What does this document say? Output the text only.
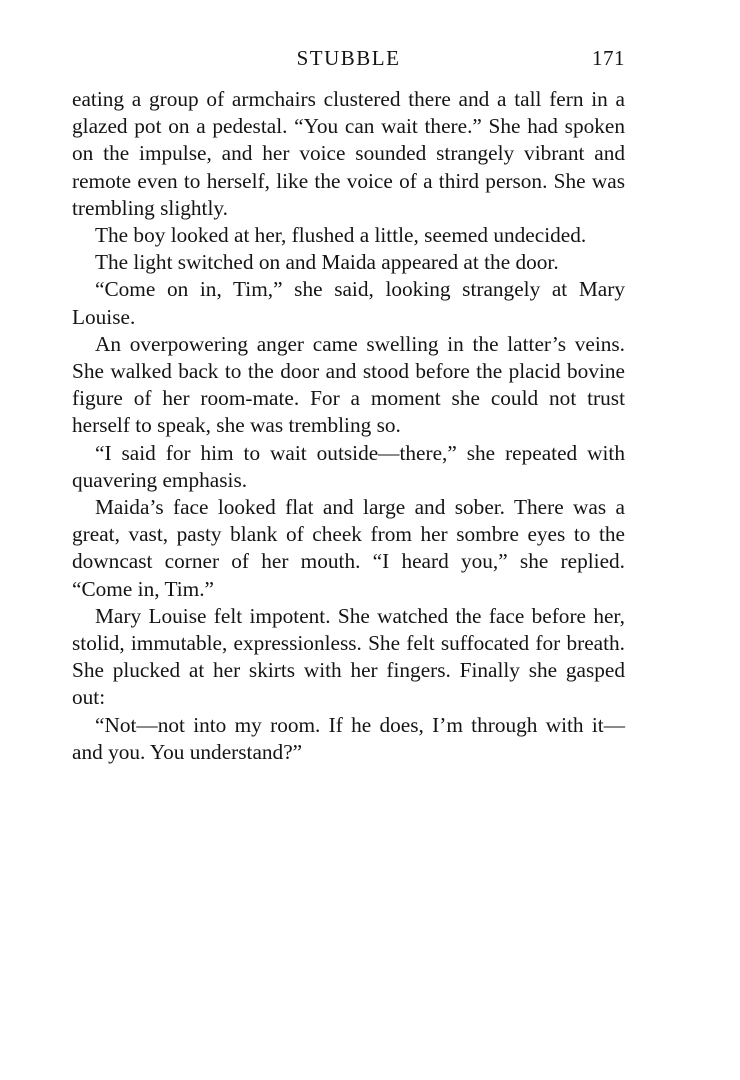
STUBBLE	171

eating a group of armchairs clustered there and a tall fern in a glazed pot on a pedestal. “You can wait there.” She had spoken on the impulse, and her voice sounded strangely vibrant and remote even to herself, like the voice of a third person. She was trembling slightly.

The boy looked at her, flushed a little, seemed undecided.

The light switched on and Maida appeared at the door.

“Come on in, Tim,” she said, looking strangely at Mary Louise.

An overpowering anger came swelling in the latter’s veins. She walked back to the door and stood before the placid bovine figure of her room-mate. For a moment she could not trust herself to speak, she was trembling so.

“I said for him to wait outside—there,” she repeated with quavering emphasis.

Maida’s face looked flat and large and sober. There was a great, vast, pasty blank of cheek from her sombre eyes to the downcast corner of her mouth. “I heard you,” she replied. “Come in, Tim.”

Mary Louise felt impotent. She watched the face before her, stolid, immutable, expressionless. She felt suffocated for breath. She plucked at her skirts with her fingers. Finally she gasped out:

“Not—not into my room. If he does, I’m through with it—and you. You understand?”
